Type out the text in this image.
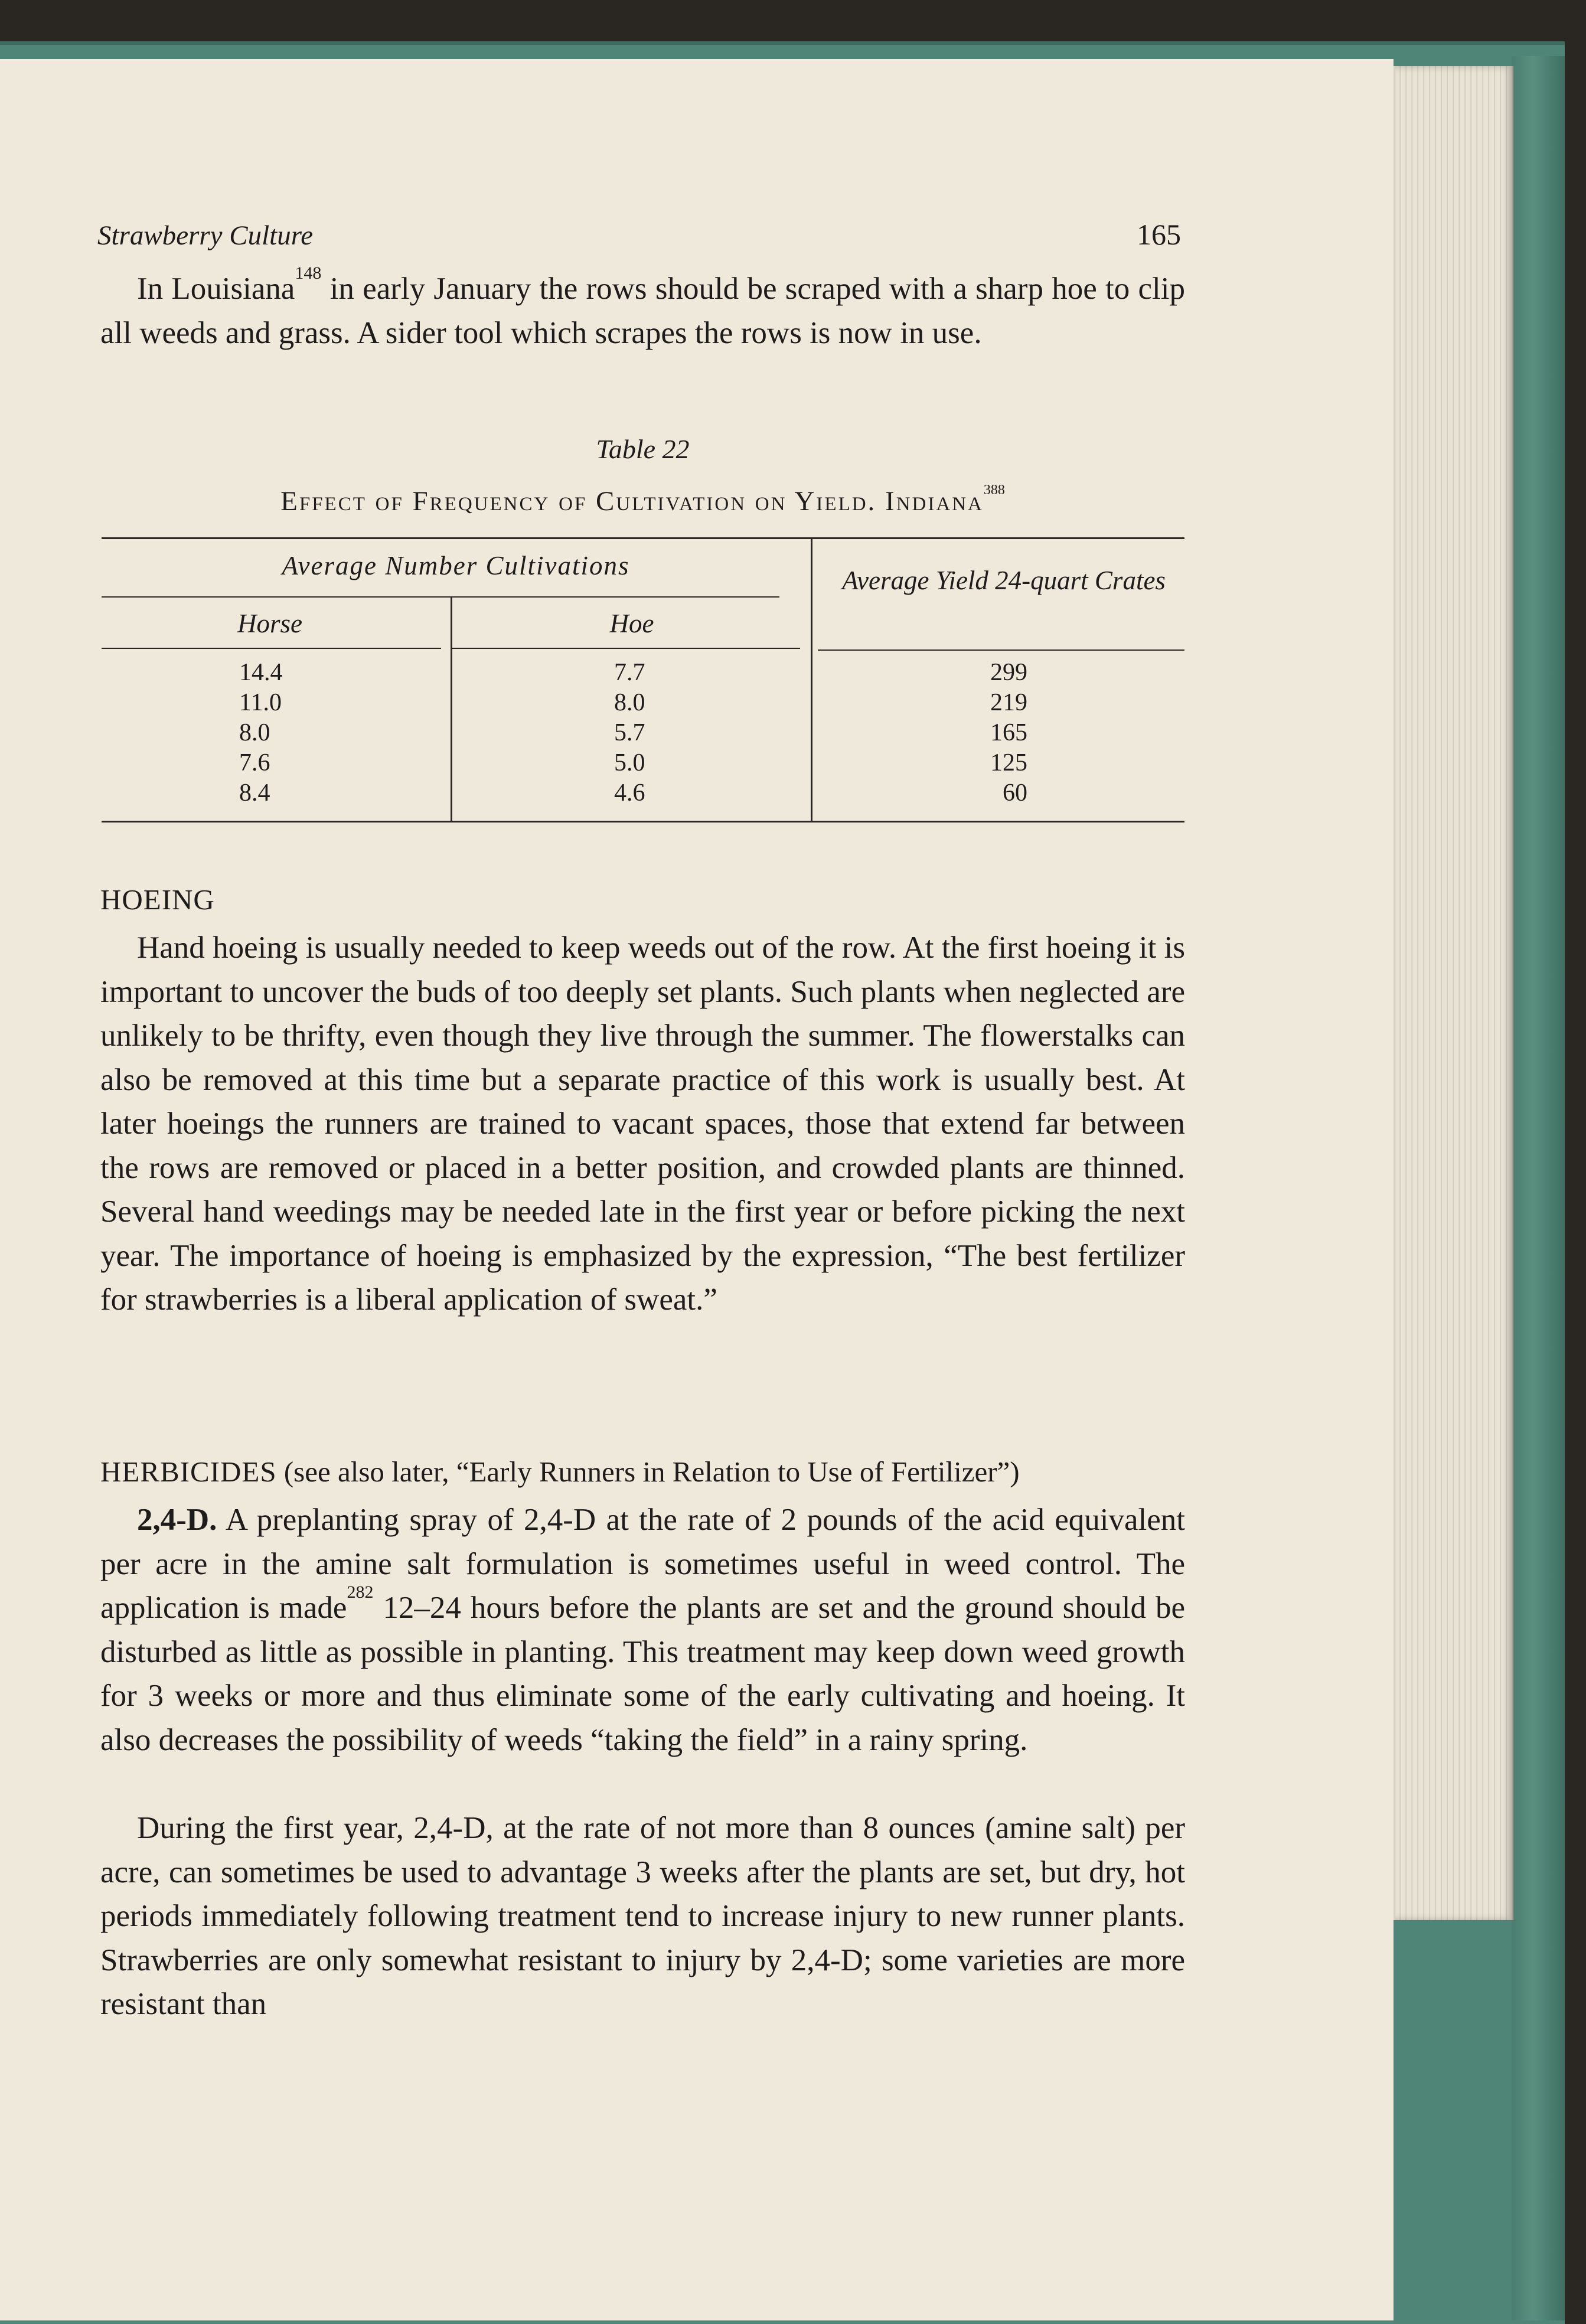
Strawberry Culture	165

In Louisiana$^{148}$ in early January the rows should be scraped with a sharp hoe to clip all weeds and grass. A sider tool which scrapes the rows is now in use.

Table 22
Effect of Frequency of Cultivation on Yield. Indiana$^{388}$
Average Number Cultivations
Horse	Hoe
Average Yield 24-quart Crates
14.4
11.0
8.0
7.6
8.4
7.7
8.0
5.7
5.0
4.6
299
219
165
125
60
HOEING

Hand hoeing is usually needed to keep weeds out of the row. At the first hoeing it is important to uncover the buds of too deeply set plants. Such plants when neglected are unlikely to be thrifty, even though they live through the summer. The flowerstalks can also be removed at this time but a separate practice of this work is usually best. At later hoeings the runners are trained to vacant spaces, those that extend far between the rows are removed or placed in a better position, and crowded plants are thinned. Several hand weedings may be needed late in the first year or before picking the next year. The importance of hoeing is emphasized by the expression, “The best fertilizer for strawberries is a liberal application of sweat.”

HERBICIDES (see also later, “Early Runners in Relation to Use of Fertilizer”)

2,4-D. A preplanting spray of 2,4-D at the rate of 2 pounds of the acid equivalent per acre in the amine salt formulation is sometimes useful in weed control. The application is made$^{282}$ 12–24 hours before the plants are set and the ground should be disturbed as little as possible in planting. This treatment may keep down weed growth for 3 weeks or more and thus eliminate some of the early cultivating and hoeing. It also decreases the possibility of weeds “taking the field” in a rainy spring.

During the first year, 2,4-D, at the rate of not more than 8 ounces (amine salt) per acre, can sometimes be used to advantage 3 weeks after the plants are set, but dry, hot periods immediately following treatment tend to increase injury to new runner plants. Strawberries are only somewhat resistant to injury by 2,4-D; some varieties are more resistant than
